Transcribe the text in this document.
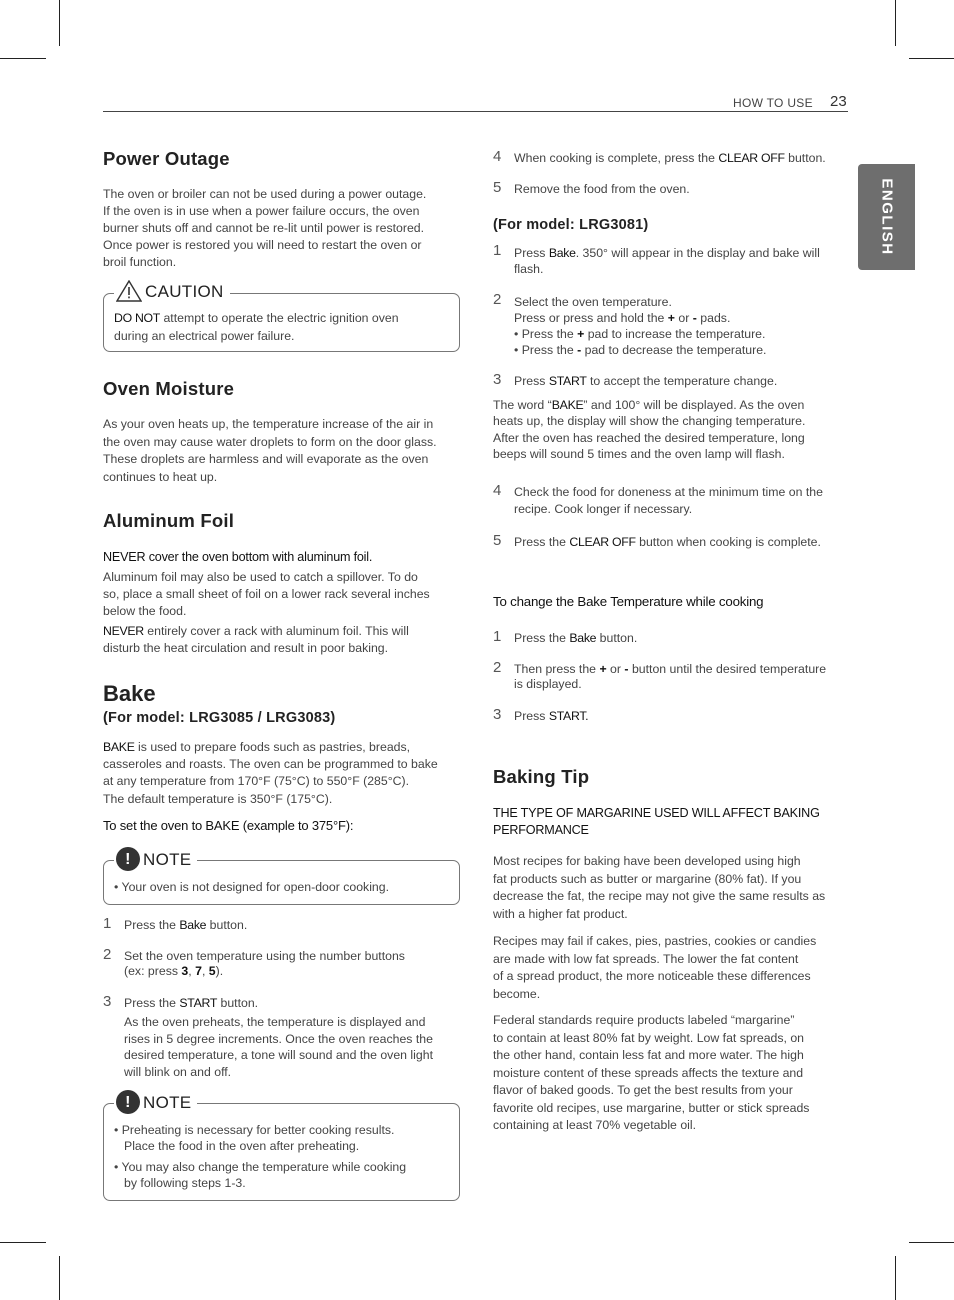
HOW TO USE 23
ENGLISH
Power Outage

The oven or broiler can not be used during a power outage.

If the oven is in use when a power failure occurs, the oven

burner shuts off and cannot be re-lit until power is restored.

Once power is restored you will need to restart the oven or

broil function.

CAUTION

DO NOT attempt to operate the electric ignition oven

during an electrical power failure.

Oven Moisture

As your oven heats up, the temperature increase of the air in

the oven may cause water droplets to form on the door glass.

These droplets are harmless and will evaporate as the oven

continues to heat up.

Aluminum Foil

NEVER cover the oven bottom with aluminum foil.

Aluminum foil may also be used to catch a spillover. To do

so, place a small sheet of foil on a lower rack several inches

below the food.

NEVER entirely cover a rack with aluminum foil. This will

disturb the heat circulation and result in poor baking.

Bake
(For model: LRG3085 / LRG3083)

BAKE is used to prepare foods such as pastries, breads,

casseroles and roasts. The oven can be programmed to bake

at any temperature from 170°F (75°C) to 550°F (285°C).

The default temperature is 350°F (175°C).

To set the oven to BAKE (example to 375°F):

! NOTE

• Your oven is not designed for open-door cooking.

1 Press the Bake button.

2 Set the oven temperature using the number buttons

(ex: press 3, 7, 5).

3 Press the START button.

As the oven preheats, the temperature is displayed and

rises in 5 degree increments. Once the oven reaches the

desired temperature, a tone will sound and the oven light

will blink on and off.

! NOTE

• Preheating is necessary for better cooking results.

Place the food in the oven after preheating.

• You may also change the temperature while cooking

by following steps 1-3.

4 When cooking is complete, press the CLEAR OFF button.

5 Remove the food from the oven.

(For model: LRG3081)
1 Press Bake. 350° will appear in the display and bake will

flash.

2 Select the oven temperature.

Press or press and hold the + or - pads.

• Press the + pad to increase the temperature.

• Press the - pad to decrease the temperature.

3 Press START to accept the temperature change.

The word “BAKE” and 100° will be displayed. As the oven

heats up, the display will show the changing temperature.

After the oven has reached the desired temperature, long

beeps will sound 5 times and the oven lamp will flash.

4 Check the food for doneness at the minimum time on the

recipe. Cook longer if necessary.

5 Press the CLEAR OFF button when cooking is complete.

To change the Bake Temperature while cooking

1 Press the Bake button.

2 Then press the + or - button until the desired temperature

is displayed.

3 Press START.

Baking Tip

THE TYPE OF MARGARINE USED WILL AFFECT BAKING

PERFORMANCE

Most recipes for baking have been developed using high

fat products such as butter or margarine (80% fat). If you

decrease the fat, the recipe may not give the same results as

with a higher fat product.

Recipes may fail if cakes, pies, pastries, cookies or candies

are made with low fat spreads. The lower the fat content

of a spread product, the more noticeable these differences

become.

Federal standards require products labeled “margarine”

to contain at least 80% fat by weight. Low fat spreads, on

the other hand, contain less fat and more water. The high

moisture content of these spreads affects the texture and

flavor of baked goods. To get the best results from your

favorite old recipes, use margarine, butter or stick spreads

containing at least 70% vegetable oil.
